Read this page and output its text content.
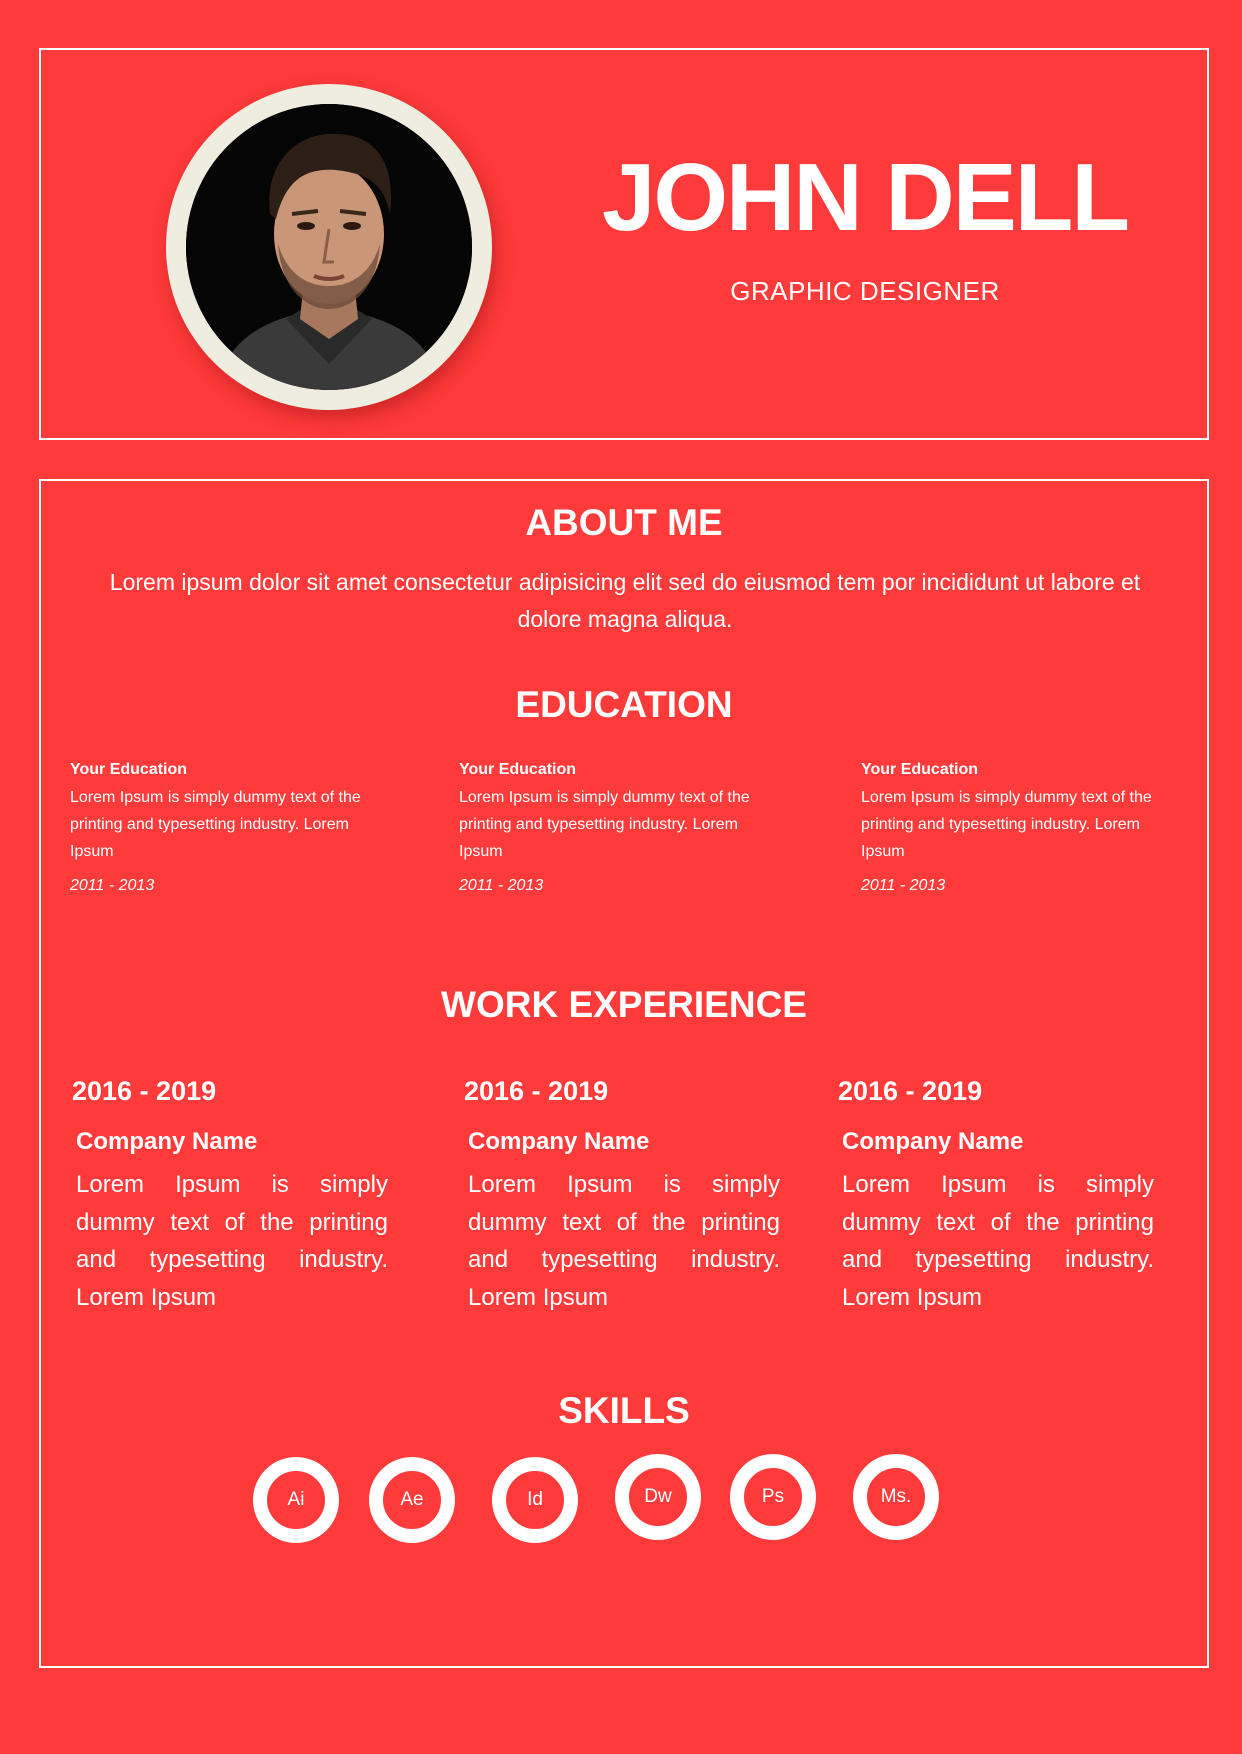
JOHN DELL
GRAPHIC DESIGNER
ABOUT ME
Lorem ipsum dolor sit amet consectetur adipisicing elit sed do eiusmod tem por incididunt ut labore et dolore magna aliqua.
EDUCATION
Your Education
Lorem Ipsum is simply dummy text of the printing and typesetting industry. Lorem Ipsum
2011 - 2013
Your Education
Lorem Ipsum is simply dummy text of the printing and typesetting industry. Lorem Ipsum
2011 - 2013
Your Education
Lorem Ipsum is simply dummy text of the printing and typesetting industry. Lorem Ipsum
2011 - 2013
WORK EXPERIENCE
2016 - 2019
Company Name
Lorem Ipsum is simply dummy text of the printing and typesetting industry. Lorem Ipsum
2016 - 2019
Company Name
Lorem Ipsum is simply dummy text of the printing and typesetting industry. Lorem Ipsum
2016 - 2019
Company Name
Lorem Ipsum is simply dummy text of the printing and typesetting industry. Lorem Ipsum
SKILLS
Ai	Ae	Id	Dw	Ps	Ms.
